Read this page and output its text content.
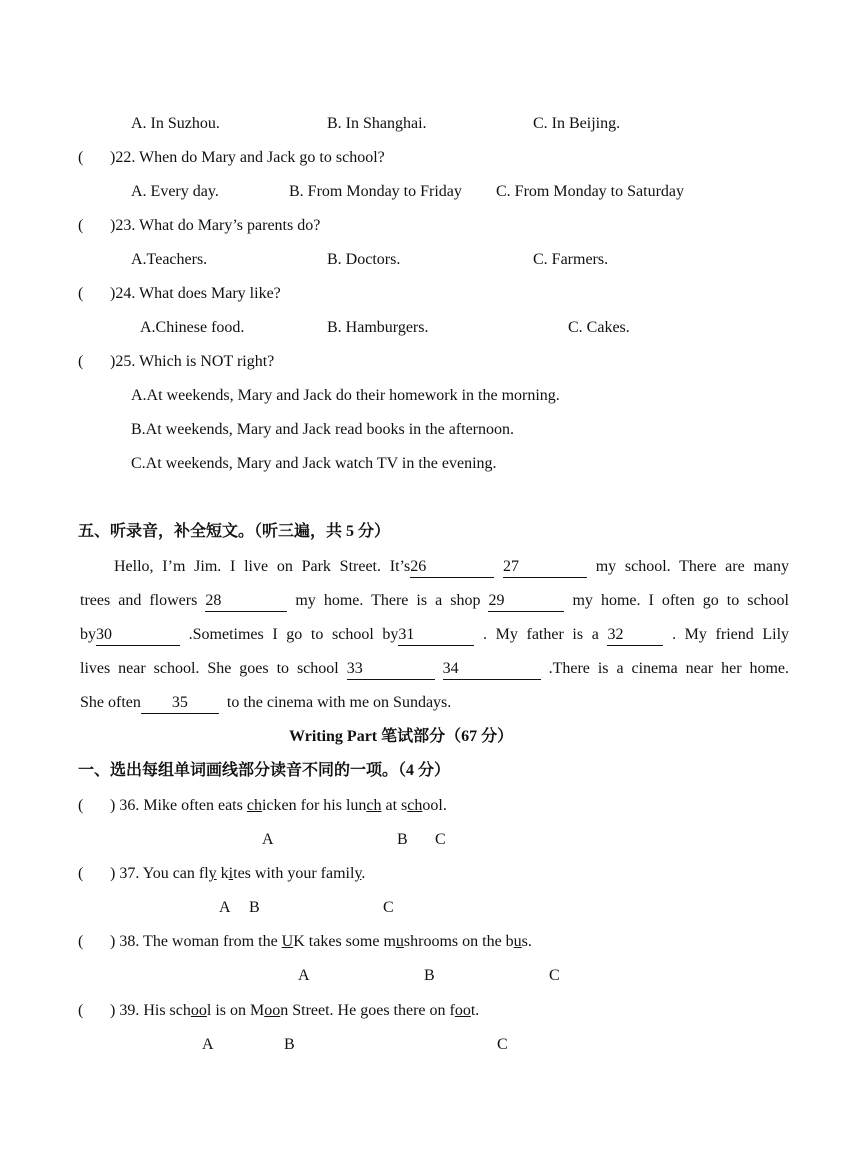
A. In Suzhou.	B. In Shanghai.	C. In Beijing.
( )22. When do Mary and Jack go to school?
A. Every day.	B. From Monday to Friday C. From Monday to Saturday
( )23. What do Mary’s parents do?
A.Teachers.	B. Doctors.	C. Farmers.
( )24. What does Mary like?
A.Chinese food.	B. Hamburgers.	C. Cakes.
( )25. Which is NOT right?
A.At weekends, Mary and Jack do their homework in the morning.
B.At weekends, Mary and Jack read books in the afternoon.
C.At weekends, Mary and Jack watch TV in the evening.
五、听录音，补全短文。（听三遍，共 5 分）
Hello, I’m Jim. I live on Park Street. It’s26	27	my school. There are many
trees and flowers 28	my home. There is a shop 29	my home. I often go to school
by30	.Sometimes I go to school by31	. My father is a 32	. My friend Lily
lives near school. She goes to school 33	34	.There is a cinema near her home.
She often 35 to the cinema with me on Sundays.
Writing Part 笔试部分（67 分）
一、选出每组单词画线部分读音不同的一项。（4 分）
( ) 36. Mike often eats chicken for his lunch at school.
A	B C
( ) 37. You can fly kites with your family.
A B	C
( ) 38. The woman from the UK takes some mushrooms on the bus.
A	B	C
( ) 39. His school is on Moon Street. He goes there on foot.
A	B	C
